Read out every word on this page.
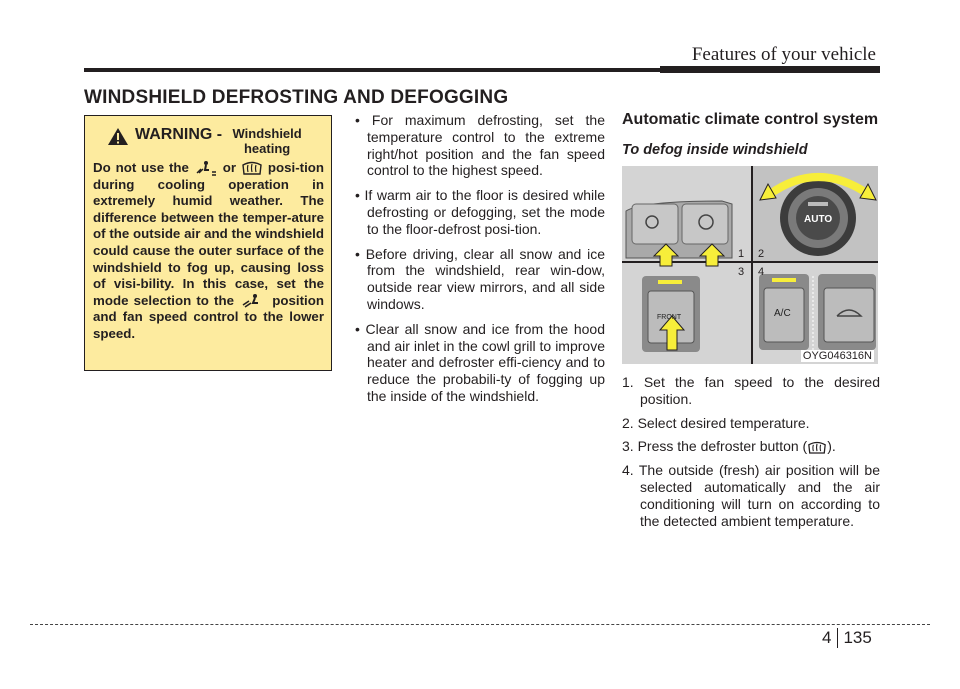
Features of your vehicle
WINDSHIELD DEFROSTING AND DEFOGGING
WARNING - Windshield heating
Do not use the	or posi-tion during cooling operation in extremely humid weather. The difference between the temper-ature of the outside air and the windshield could cause the outer surface of the windshield to fog up, causing loss of visi-bility. In this case, set the mode selection to the	position and fan speed control to the lower speed.
• For maximum defrosting, set the temperature control to the extreme right/hot position and the fan speed control to the highest speed.
• If warm air to the floor is desired while defrosting or defogging, set the mode to the floor-defrost posi-tion.
• Before driving, clear all snow and ice from the windshield, rear win-dow, outside rear view mirrors, and all side windows.
• Clear all snow and ice from the hood and air inlet in the cowl grill to improve heater and defroster effi-ciency and to reduce the probabili-ty of fogging up the inside of the windshield.
Automatic climate control system
To defog inside windshield
1 2
3 4
AUTO
FRONT	A/C
OYG046316N
1. Set the fan speed to the desired position.
2. Select desired temperature.
3. Press the defroster button ( ).
4. The outside (fresh) air position will be selected automatically and the air conditioning will turn on according to the detected ambient temperature.
4 135
